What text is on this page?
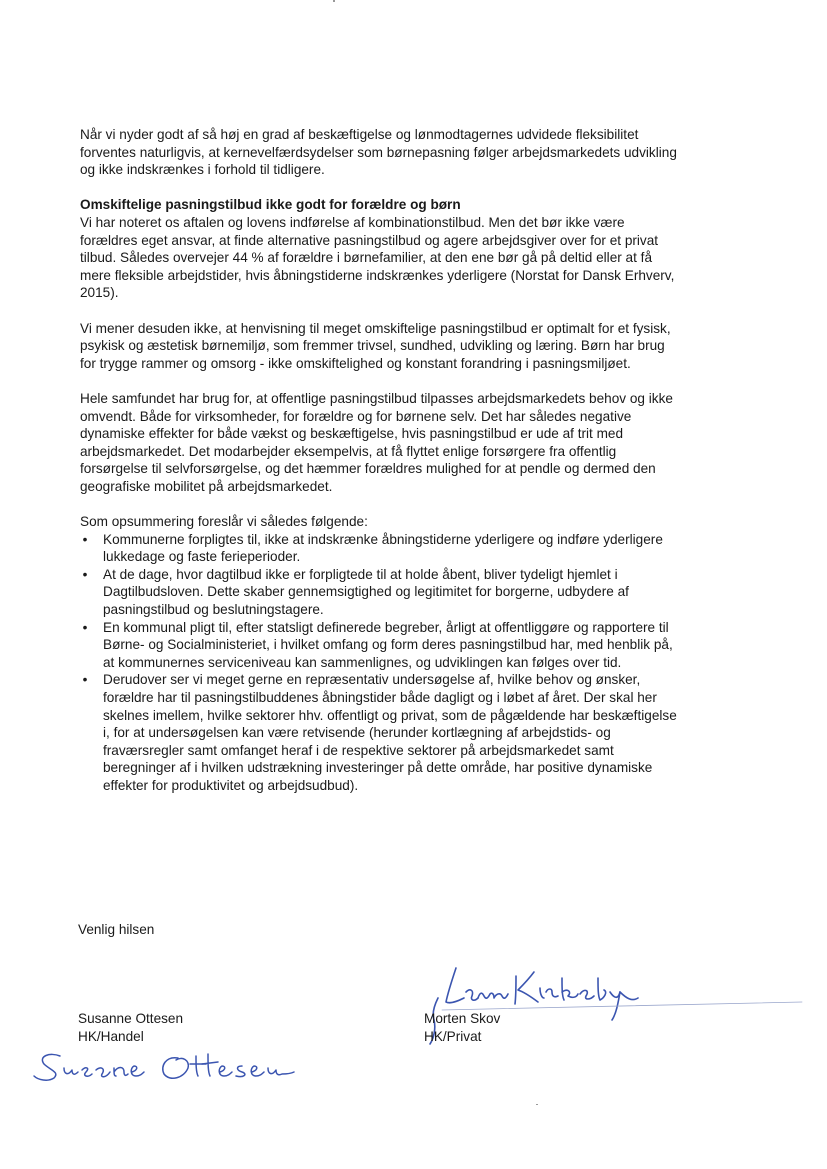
Når vi nyder godt af så høj en grad af beskæftigelse og lønmodtagernes udvidede fleksibilitet forventes naturligvis, at kernevelfærdsydelser som børnepasning følger arbejdsmarkedets udvikling og ikke indskrænkes i forhold til tidligere.

Omskiftelige pasningstilbud ikke godt for forældre og børn
Vi har noteret os aftalen og lovens indførelse af kombinationstilbud. Men det bør ikke være forældres eget ansvar, at finde alternative pasningstilbud og agere arbejdsgiver over for et privat tilbud. Således overvejer 44 % af forældre i børnefamilier, at den ene bør gå på deltid eller at få mere fleksible arbejdstider, hvis åbningstiderne indskrænkes yderligere (Norstat for Dansk Erhverv, 2015).

Vi mener desuden ikke, at henvisning til meget omskiftelige pasningstilbud er optimalt for et fysisk, psykisk og æstetisk børnemiljø, som fremmer trivsel, sundhed, udvikling og læring. Børn har brug for trygge rammer og omsorg - ikke omskiftelighed og konstant forandring i pasningsmiljøet.

Hele samfundet har brug for, at offentlige pasningstilbud tilpasses arbejdsmarkedets behov og ikke omvendt. Både for virksomheder, for forældre og for børnene selv. Det har således negative dynamiske effekter for både vækst og beskæftigelse, hvis pasningstilbud er ude af trit med arbejdsmarkedet. Det modarbejder eksempelvis, at få flyttet enlige forsørgere fra offentlig forsørgelse til selvforsørgelse, og det hæmmer forældres mulighed for at pendle og dermed den geografiske mobilitet på arbejdsmarkedet.

Som opsummering foreslår vi således følgende:
• Kommunerne forpligtes til, ikke at indskrænke åbningstiderne yderligere og indføre yderligere lukkedage og faste ferieperioder.
• At de dage, hvor dagtilbud ikke er forpligtede til at holde åbent, bliver tydeligt hjemlet i Dagtilbudsloven. Dette skaber gennemsigtighed og legitimitet for borgerne, udbydere af pasningstilbud og beslutningstagere.
• En kommunal pligt til, efter statsligt definerede begreber, årligt at offentliggøre og rapportere til Børne- og Socialministeriet, i hvilket omfang og form deres pasningstilbud har, med henblik på, at kommunernes serviceniveau kan sammenlignes, og udviklingen kan følges over tid.
• Derudover ser vi meget gerne en repræsentativ undersøgelse af, hvilke behov og ønsker, forældre har til pasningstilbuddenes åbningstider både dagligt og i løbet af året. Der skal her skelnes imellem, hvilke sektorer hhv. offentligt og privat, som de pågældende har beskæftigelse i, for at undersøgelsen kan være retvisende (herunder kortlægning af arbejdstids- og fraværsregler samt omfanget heraf i de respektive sektorer på arbejdsmarkedet samt beregninger af i hvilken udstrækning investeringer på dette område, har positive dynamiske effekter for produktivitet og arbejdsudbud).
Venlig hilsen
Susanne Ottesen
HK/Handel
Morten Skov
HK/Privat
